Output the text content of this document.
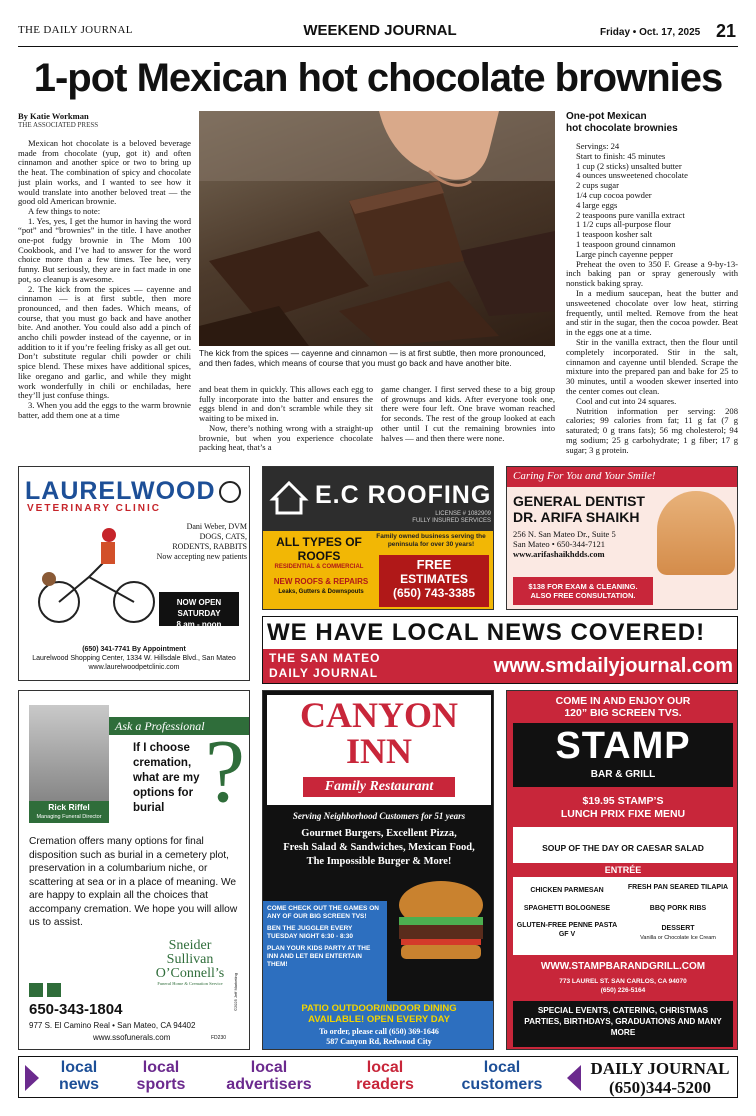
THE DAILY JOURNAL	WEEKEND JOURNAL	Friday • Oct. 17, 2025 21
1-pot Mexican hot chocolate brownies
By Katie Workman
THE ASSOCIATED PRESS

Mexican hot chocolate is a beloved beverage made from chocolate (yup, got it) and often cinnamon and another spice or two to bring up the heat. The combination of spicy and chocolate just plain works, and I wanted to see how it would translate into another beloved treat — the good old American brownie.

A few things to note:

1. Yes, yes, I get the humor in having the word “pot” and “brownies” in the title. I have another one-pot fudgy brownie in The Mom 100 Cookbook, and I’ve had to answer for the word choice more than a few times. Tee hee, very funny. But seriously, they are in fact made in one pot, so cleanup is awesome.

2. The kick from the spices — cayenne and cinnamon — is at first subtle, then more pronounced, and then fades. Which means, of course, that you must go back and have another bite. And another. You could also add a pinch of ancho chili powder instead of the cayenne, or in addition to it if you’re feeling frisky as all get out. Don’t substitute regular chili powder or chili spice blend. These mixes have additional spices, like oregano and garlic, and while they might work wonderfully in chili or enchiladas, here they’ll just confuse things.

3. When you add the eggs to the warm brownie batter, add them one at a time

The kick from the spices — cayenne and cinnamon — is at first subtle, then more pronounced, and then fades, which means of course that you must go back and have another bite.

and beat them in quickly. This allows each egg to fully incorporate into the batter and ensures the eggs blend in and don’t scramble while they sit waiting to be mixed in.

Now, there’s nothing wrong with a straight-up brownie, but when you experience chocolate packing heat, that’s a

game changer. I first served these to a big group of grownups and kids. After everyone took one, there were four left. One brave woman reached for seconds. The rest of the group looked at each other until I cut the remaining brownies into halves — and then there were none.

One-pot Mexican
hot chocolate brownies
Servings: 24
Start to finish: 45 minutes
1 cup (2 sticks) unsalted butter
4 ounces unsweetened chocolate
2 cups sugar
1/4 cup cocoa powder
4 large eggs
2 teaspoons pure vanilla extract
1 1/2 cups all-purpose flour
1 teaspoon kosher salt
1 teaspoon ground cinnamon
Large pinch cayenne pepper

Preheat the oven to 350 F. Grease a 9-by-13-inch baking pan or spray generously with nonstick baking spray.

In a medium saucepan, heat the butter and unsweetened chocolate over low heat, stirring frequently, until melted. Remove from the heat and stir in the sugar, then the cocoa powder. Beat in the eggs one at a time.

Stir in the vanilla extract, then the flour until completely incorporated. Stir in the salt, cinnamon and cayenne until blended. Scrape the mixture into the prepared pan and bake for 25 to 30 minutes, until a wooden skewer inserted into the center comes out clean.

Cool and cut into 24 squares.

Nutrition information per serving: 208 calories; 99 calories from fat; 11 g fat (7 g saturated; 0 g trans fats); 56 mg cholesterol; 94 mg sodium; 25 g carbohydrate; 1 g fiber; 17 g sugar; 3 g protein.

LAURELWOOD
VETERINARY CLINIC
Dani Weber, DVM
DOGS, CATS,
RODENTS, RABBITS
Now accepting new patients
NOW OPEN SATURDAY
8 am - noon
(650) 341-7741 By Appointment
Laurelwood Shopping Center, 1334 W. Hillsdale Blvd., San Mateo
www.laurelwoodpetclinic.com
E.C ROOFING
LICENSE # 1082909
FULLY INSURED SERVICES
ALL TYPES OF
ROOFS
RESIDENTIAL & COMMERCIAL
Family owned business serving the peninsula for over 30 years!
NEW ROOFS & REPAIRS
Leaks, Gutters & Downspouts
FREE
ESTIMATES
(650) 743-3385
Caring For You and Your Smile!
GENERAL DENTIST
DR. ARIFA SHAIKH
256 N. San Mateo Dr., Suite 5
San Mateo • 650-344-7121
www.arifashaikhdds.com
$138 FOR EXAM & CLEANING.
ALSO FREE CONSULTATION.
WE HAVE LOCAL NEWS COVERED!
THE SAN MATEO
DAILY JOURNAL	www.smdailyjournal.com
Rick Riffel
Managing Funeral Director
Ask a Professional
If I choose
cremation,
what are my
options for
burial ?
Cremation offers many options for final disposition such as burial in a cemetery plot, preservation in a columbarium niche, or scattering at sea or in a place of meaning. We are happy to explain all the choices that accompany cremation. We hope you will allow us to assist.
Sneider
Sullivan
O’Connell’s
Funeral Home & Cremation Service
650-343-1804
977 S. El Camino Real • San Mateo, CA 94402
www.ssofunerals.com	FD230
©2025 Jeff Marketing
CANYON
INN
Family Restaurant
Serving Neighborhood Customers for 51 years
Gourmet Burgers, Excellent Pizza,
Fresh Salad & Sandwiches, Mexican Food,
The Impossible Burger & More!
COME CHECK OUT THE GAMES ON ANY OF OUR BIG SCREEN TVS!
BEN THE JUGGLER EVERY TUESDAY NIGHT 6:30 - 8:30
PLAN YOUR KIDS PARTY AT THE INN AND LET BEN ENTERTAIN THEM!
PATIO OUTDOOR/INDOOR DINING
AVAILABLE! OPEN EVERY DAY
To order, please call (650) 369-1646
587 Canyon Rd, Redwood City
COME IN AND ENJOY OUR
120” BIG SCREEN TVS.
STAMP
BAR & GRILL
$19.95 STAMP’S
LUNCH PRIX FIXE MENU
SOUP OF THE DAY OR CAESAR SALAD
ENTRÉE
CHICKEN PARMESAN	FRESH PAN SEARED TILAPIA
SPAGHETTI BOLOGNESE	BBQ PORK RIBS
GLUTEN-FREE PENNE PASTA GF V
DESSERT
Vanilla or Chocolate Ice Cream
WWW.STAMPBARANDGRILL.COM
773 LAUREL ST. SAN CARLOS, CA 94070
(650) 226-5164
SPECIAL EVENTS, CATERING, CHRISTMAS PARTIES, BIRTHDAYS, GRADUATIONS AND MANY MORE
local
news
local
sports
local
advertisers
local
readers
local
customers
DAILY JOURNAL
(650)344-5200
